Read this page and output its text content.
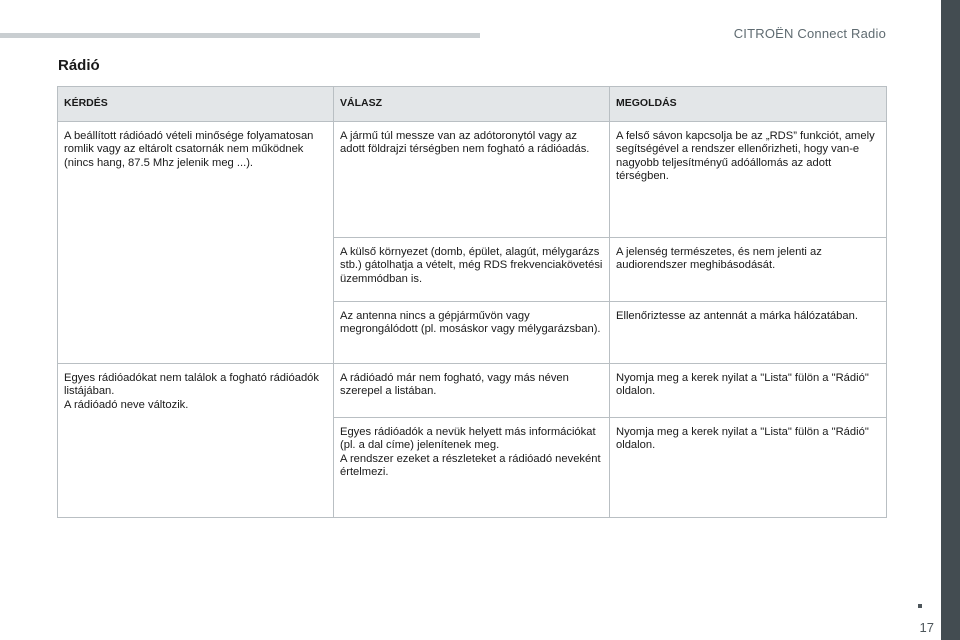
CITROËN Connect Radio
Rádió
KÉRDÉS	VÁLASZ	MEGOLDÁS

A beállított rádióadó vételi minősége folyamatosan romlik vagy az eltárolt csatornák nem működnek (nincs hang, 87.5 Mhz jelenik meg ...).	A jármű túl messze van az adótoronytól vagy az adott földrajzi térségben nem fogható a rádióadás.	A felső sávon kapcsolja be az „RDS” funkciót, amely segítségével a rendszer ellenőrizheti, hogy van-e nagyobb teljesítményű adóállomás az adott térségben.

	A külső környezet (domb, épület, alagút, mélygarázs stb.) gátolhatja a vételt, még RDS frekvenciakövetési üzemmódban is.	A jelenség természetes, és nem jelenti az audiorendszer meghibásodását.

	Az antenna nincs a gépjárművön vagy megrongálódott (pl. mosáskor vagy mélygarázsban).	Ellenőriztesse az antennát a márka hálózatában.

Egyes rádióadókat nem találok a fogható rádióadók listájában.
A rádióadó neve változik.	A rádióadó már nem fogható, vagy más néven szerepel a listában.	Nyomja meg a kerek nyilat a "Lista" fülön a "Rádió" oldalon.

	Egyes rádióadók a nevük helyett más információkat (pl. a dal címe) jelenítenek meg.
A rendszer ezeket a részleteket a rádióadó neveként értelmezi.	Nyomja meg a kerek nyilat a "Lista" fülön a "Rádió" oldalon.
17
